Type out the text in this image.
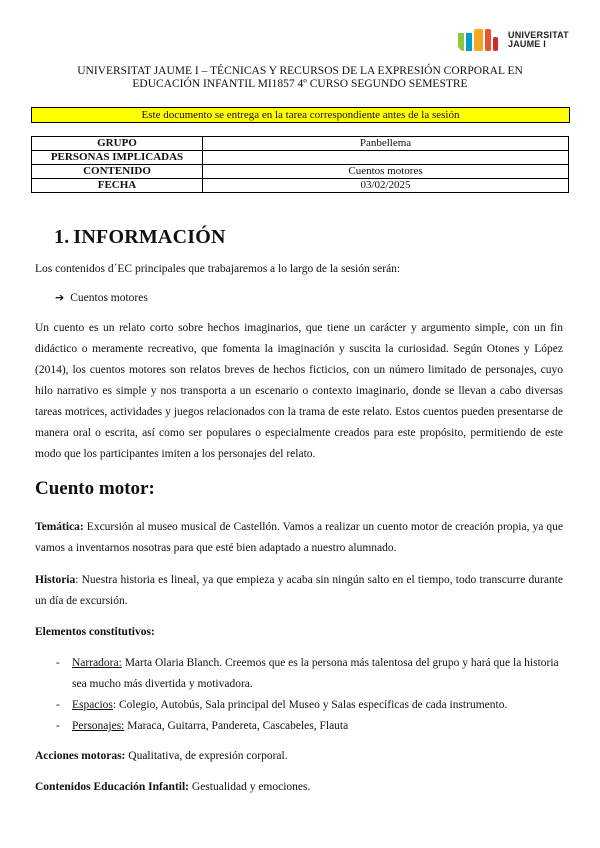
UNIVERSITAT
JAUME I
UNIVERSITAT JAUME I – TÉCNICAS Y RECURSOS DE LA EXPRESIÓN CORPORAL EN
EDUCACIÓN INFANTIL MI1857 4º CURSO SEGUNDO SEMESTRE
Este documento se entrega en la tarea correspondiente antes de la sesión
GRUPO	Panbellema
PERSONAS IMPLICADAS	
CONTENIDO	Cuentos motores
FECHA	03/02/2025
1. INFORMACIÓN
Los contenidos d´EC principales que trabajaremos a lo largo de la sesión serán:
➔ Cuentos motores
Un cuento es un relato corto sobre hechos imaginarios, que tiene un carácter y argumento simple, con un fin didáctico o meramente recreativo, que fomenta la imaginación y suscita la curiosidad. Según Otones y López (2014), los cuentos motores son relatos breves de hechos ficticios, con un número limitado de personajes, cuyo hilo narrativo es simple y nos transporta a un escenario o contexto imaginario, donde se llevan a cabo diversas tareas motrices, actividades y juegos relacionados con la trama de este relato. Estos cuentos pueden presentarse de manera oral o escrita, así como ser populares o especialmente creados para este propósito, permitiendo de este modo que los participantes imiten a los personajes del relato.
Cuento motor:
Temática: Excursión al museo musical de Castellón. Vamos a realizar un cuento motor de creación propia, ya que vamos a inventarnos nosotras para que esté bien adaptado a nuestro alumnado.
Historia: Nuestra historia es lineal, ya que empieza y acaba sin ningún salto en el tiempo, todo transcurre durante un día de excursión.
Elementos constitutivos:
- Narradora: Marta Olaria Blanch. Creemos que es la persona más talentosa del grupo y hará que la historia sea mucho más divertida y motivadora.
- Espacios: Colegio, Autobús, Sala principal del Museo y Salas específicas de cada instrumento.
- Personajes: Maraca, Guitarra, Pandereta, Cascabeles, Flauta
Acciones motoras: Qualitativa, de expresión corporal.
Contenidos Educación Infantil: Gestualidad y emociones.
